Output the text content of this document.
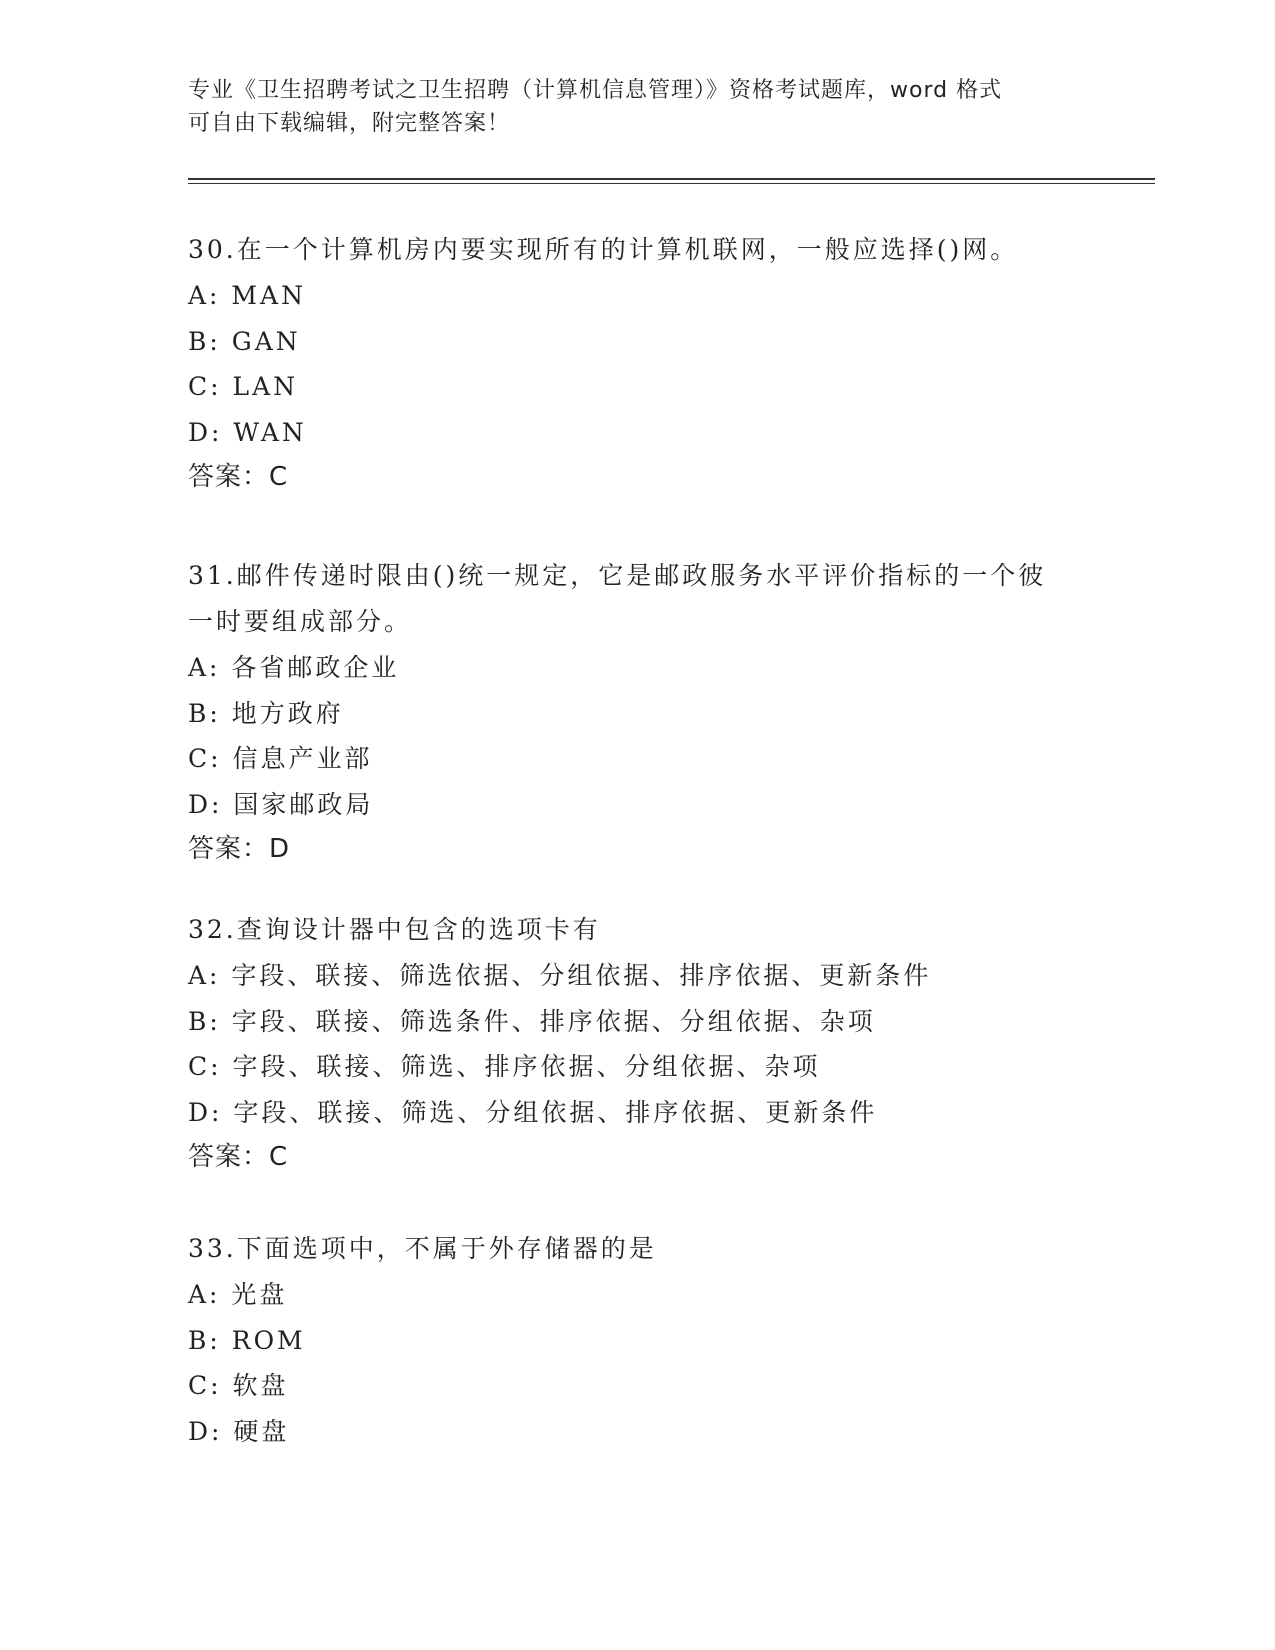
专业《卫生招聘考试之卫生招聘（计算机信息管理）》资格考试题库，word 格式
可自由下载编辑，附完整答案！

30.在一个计算机房内要实现所有的计算机联网，一般应选择()网。

A: MAN

B: GAN

C: LAN

D: WAN

答案：C

31.邮件传递时限由()统一规定，它是邮政服务水平评价指标的一个彼一时要组成部分。

A: 各省邮政企业

B: 地方政府

C: 信息产业部

D: 国家邮政局

答案：D

32.查询设计器中包含的选项卡有

A: 字段、联接、筛选依据、分组依据、排序依据、更新条件

B: 字段、联接、筛选条件、排序依据、分组依据、杂项

C: 字段、联接、筛选、排序依据、分组依据、杂项

D: 字段、联接、筛选、分组依据、排序依据、更新条件

答案：C

33.下面选项中，不属于外存储器的是

A: 光盘

B: ROM

C: 软盘

D: 硬盘
